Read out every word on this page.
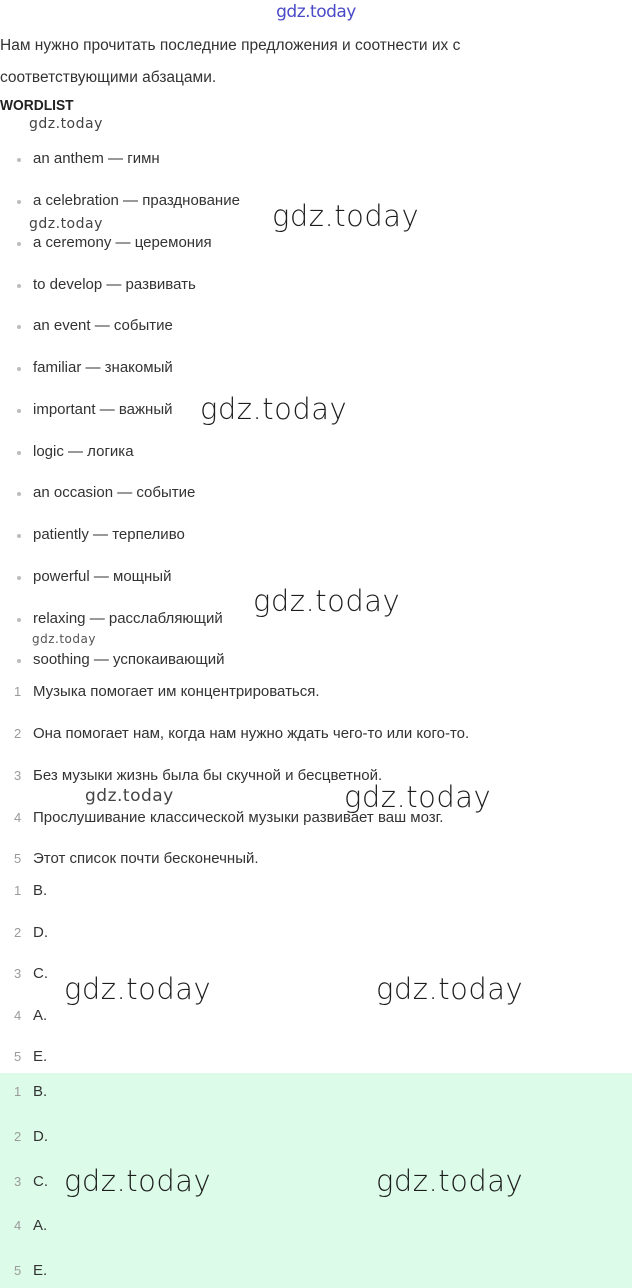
gdz.today
Нам нужно прочитать последние предложения и соотнести их с соответствующими абзацами.
WORDLIST
an anthem — гимн
a celebration — празднование
a ceremony — церемония
to develop — развивать
an event — событие
familiar — знакомый
important — важный
logic — логика
an occasion — событие
patiently — терпеливо
powerful — мощный
relaxing — расслабляющий
soothing — успокаивающий
1 Музыка помогает им концентрироваться.
2 Она помогает нам, когда нам нужно ждать чего-то или кого-то.
3 Без музыки жизнь была бы скучной и бесцветной.
4 Прослушивание классической музыки развивает ваш мозг.
5 Этот список почти бесконечный.
1 B.
2 D.
3 C.
4 A.
5 E.
1 B.
2 D.
3 C.
4 A.
5 E.
gdz.today
gdz.today	gdz.today
gdz.today
gdz.today
gdz.today
gdz.today	gdz.today
gdz.today	gdz.today
gdz.today	gdz.today
